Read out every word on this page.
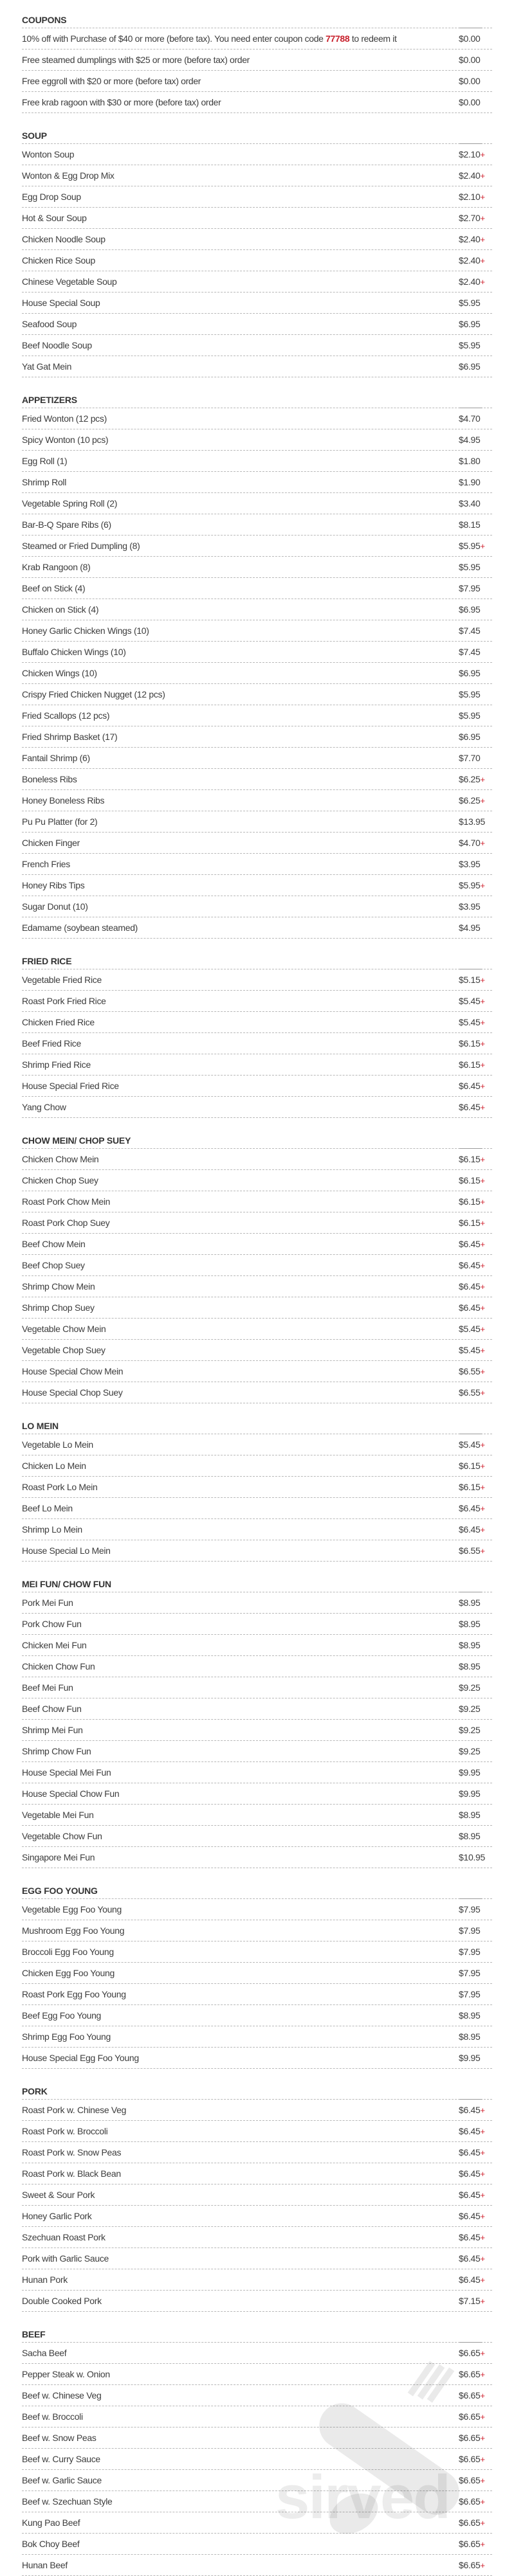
COUPONS
10% off with Purchase of $40 or more (before tax). You need enter coupon code 77788 to redeem it	$0.00
Free steamed dumplings with $25 or more (before tax) order	$0.00
Free eggroll with $20 or more (before tax) order	$0.00
Free krab ragoon with $30 or more (before tax) order	$0.00
SOUP
Wonton Soup	$2.10+
Wonton & Egg Drop Mix	$2.40+
Egg Drop Soup	$2.10+
Hot & Sour Soup	$2.70+
Chicken Noodle Soup	$2.40+
Chicken Rice Soup	$2.40+
Chinese Vegetable Soup	$2.40+
House Special Soup	$5.95
Seafood Soup	$6.95
Beef Noodle Soup	$5.95
Yat Gat Mein	$6.95
APPETIZERS
Fried Wonton (12 pcs)	$4.70
Spicy Wonton (10 pcs)	$4.95
Egg Roll (1)	$1.80
Shrimp Roll	$1.90
Vegetable Spring Roll (2)	$3.40
Bar-B-Q Spare Ribs (6)	$8.15
Steamed or Fried Dumpling (8)	$5.95+
Krab Rangoon (8)	$5.95
Beef on Stick (4)	$7.95
Chicken on Stick (4)	$6.95
Honey Garlic Chicken Wings (10)	$7.45
Buffalo Chicken Wings (10)	$7.45
Chicken Wings (10)	$6.95
Crispy Fried Chicken Nugget (12 pcs)	$5.95
Fried Scallops (12 pcs)	$5.95
Fried Shrimp Basket (17)	$6.95
Fantail Shrimp (6)	$7.70
Boneless Ribs	$6.25+
Honey Boneless Ribs	$6.25+
Pu Pu Platter (for 2)	$13.95
Chicken Finger	$4.70+
French Fries	$3.95
Honey Ribs Tips	$5.95+
Sugar Donut (10)	$3.95
Edamame (soybean steamed)	$4.95
FRIED RICE
Vegetable Fried Rice	$5.15+
Roast Pork Fried Rice	$5.45+
Chicken Fried Rice	$5.45+
Beef Fried Rice	$6.15+
Shrimp Fried Rice	$6.15+
House Special Fried Rice	$6.45+
Yang Chow	$6.45+
CHOW MEIN/ CHOP SUEY
Chicken Chow Mein	$6.15+
Chicken Chop Suey	$6.15+
Roast Pork Chow Mein	$6.15+
Roast Pork Chop Suey	$6.15+
Beef Chow Mein	$6.45+
Beef Chop Suey	$6.45+
Shrimp Chow Mein	$6.45+
Shrimp Chop Suey	$6.45+
Vegetable Chow Mein	$5.45+
Vegetable Chop Suey	$5.45+
House Special Chow Mein	$6.55+
House Special Chop Suey	$6.55+
LO MEIN
Vegetable Lo Mein	$5.45+
Chicken Lo Mein	$6.15+
Roast Pork Lo Mein	$6.15+
Beef Lo Mein	$6.45+
Shrimp Lo Mein	$6.45+
House Special Lo Mein	$6.55+
MEI FUN/ CHOW FUN
Pork Mei Fun	$8.95
Pork Chow Fun	$8.95
Chicken Mei Fun	$8.95
Chicken Chow Fun	$8.95
Beef Mei Fun	$9.25
Beef Chow Fun	$9.25
Shrimp Mei Fun	$9.25
Shrimp Chow Fun	$9.25
House Special Mei Fun	$9.95
House Special Chow Fun	$9.95
Vegetable Mei Fun	$8.95
Vegetable Chow Fun	$8.95
Singapore Mei Fun	$10.95
EGG FOO YOUNG
Vegetable Egg Foo Young	$7.95
Mushroom Egg Foo Young	$7.95
Broccoli Egg Foo Young	$7.95
Chicken Egg Foo Young	$7.95
Roast Pork Egg Foo Young	$7.95
Beef Egg Foo Young	$8.95
Shrimp Egg Foo Young	$8.95
House Special Egg Foo Young	$9.95
PORK
Roast Pork w. Chinese Veg	$6.45+
Roast Pork w. Broccoli	$6.45+
Roast Pork w. Snow Peas	$6.45+
Roast Pork w. Black Bean	$6.45+
Sweet & Sour Pork	$6.45+
Honey Garlic Pork	$6.45+
Szechuan Roast Pork	$6.45+
Pork with Garlic Sauce	$6.45+
Hunan Pork	$6.45+
Double Cooked Pork	$7.15+
BEEF
Sacha Beef	$6.65+
Pepper Steak w. Onion	$6.65+
Beef w. Chinese Veg	$6.65+
Beef w. Broccoli	$6.65+
Beef w. Snow Peas	$6.65+
Beef w. Curry Sauce	$6.65+
Beef w. Garlic Sauce	$6.65+
Beef w. Szechuan Style	$6.65+
Kung Pao Beef	$6.65+
Bok Choy Beef	$6.65+
Hunan Beef	$6.65+
sirved
